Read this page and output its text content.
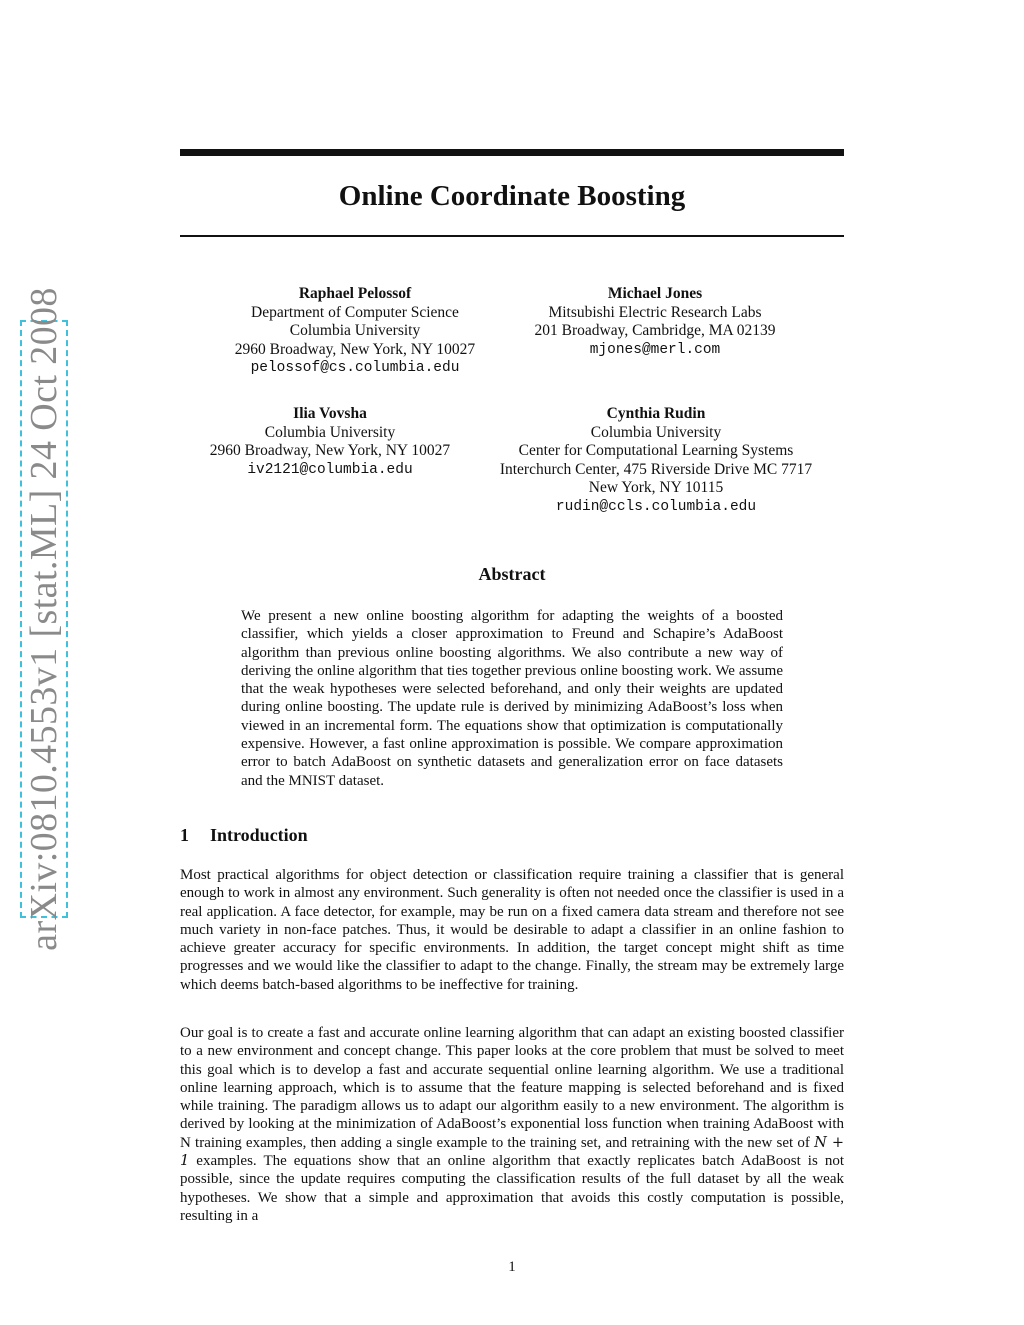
arXiv:0810.4553v1 [stat.ML] 24 Oct 2008
Online Coordinate Boosting
Raphael Pelossof
Department of Computer Science
Columbia University
2960 Broadway, New York, NY 10027
pelossof@cs.columbia.edu
Michael Jones
Mitsubishi Electric Research Labs
201 Broadway, Cambridge, MA 02139
mjones@merl.com
Ilia Vovsha
Columbia University
2960 Broadway, New York, NY 10027
iv2121@columbia.edu
Cynthia Rudin
Columbia University
Center for Computational Learning Systems
Interchurch Center, 475 Riverside Drive MC 7717
New York, NY 10115
rudin@ccls.columbia.edu
Abstract

We present a new online boosting algorithm for adapting the weights of a boosted classifier, which yields a closer approximation to Freund and Schapire’s AdaBoost algorithm than previous online boosting algorithms. We also contribute a new way of deriving the online algorithm that ties together previous online boosting work. We assume that the weak hypotheses were selected beforehand, and only their weights are updated during online boosting. The update rule is derived by minimizing AdaBoost’s loss when viewed in an incremental form. The equations show that optimization is computationally expensive. However, a fast online approximation is possible. We compare approximation error to batch AdaBoost on synthetic datasets and generalization error on face datasets and the MNIST dataset.

1 Introduction

Most practical algorithms for object detection or classification require training a classifier that is general enough to work in almost any environment. Such generality is often not needed once the classifier is used in a real application. A face detector, for example, may be run on a fixed camera data stream and therefore not see much variety in non-face patches. Thus, it would be desirable to adapt a classifier in an online fashion to achieve greater accuracy for specific environments. In addition, the target concept might shift as time progresses and we would like the classifier to adapt to the change. Finally, the stream may be extremely large which deems batch-based algorithms to be ineffective for training.

Our goal is to create a fast and accurate online learning algorithm that can adapt an existing boosted classifier to a new environment and concept change. This paper looks at the core problem that must be solved to meet this goal which is to develop a fast and accurate sequential online learning algorithm. We use a traditional online learning approach, which is to assume that the feature mapping is selected beforehand and is fixed while training. The paradigm allows us to adapt our algorithm easily to a new environment. The algorithm is derived by looking at the minimization of AdaBoost’s exponential loss function when training AdaBoost with N training examples, then adding a single example to the training set, and retraining with the new set of N + 1 examples. The equations show that an online algorithm that exactly replicates batch AdaBoost is not possible, since the update requires computing the classification results of the full dataset by all the weak hypotheses. We show that a simple and approximation that avoids this costly computation is possible, resulting in a

1
